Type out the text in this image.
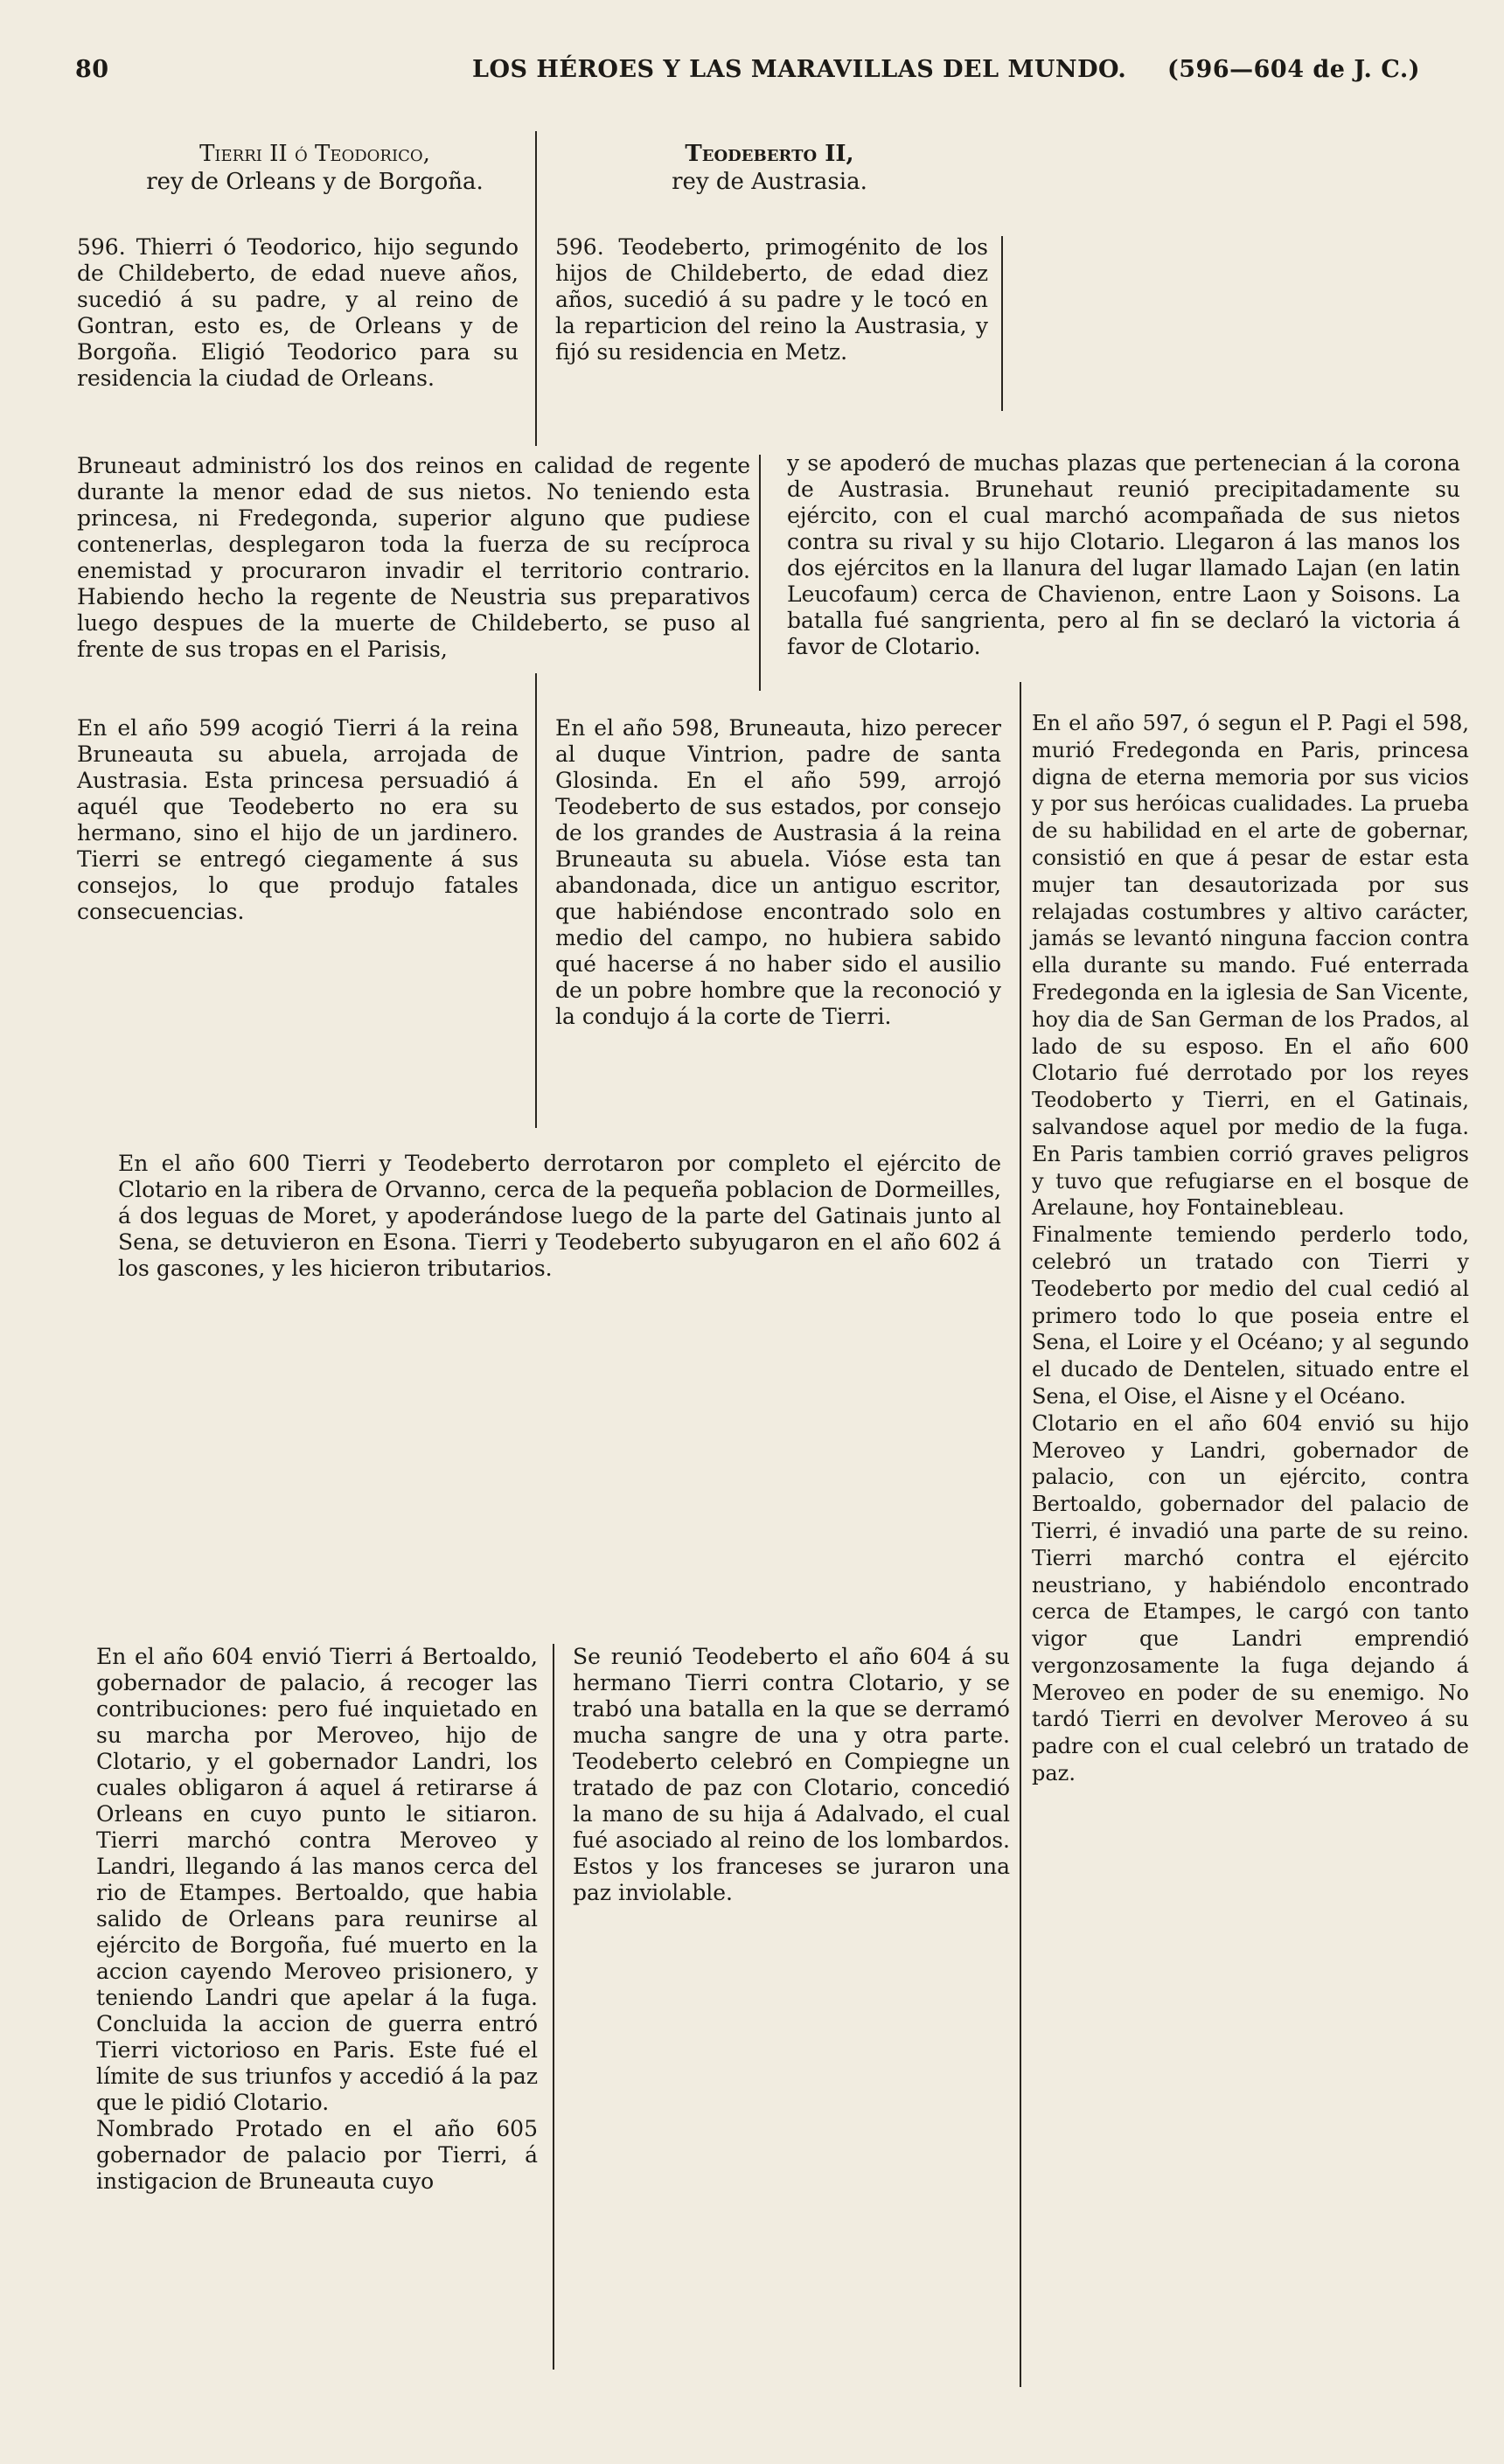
80	LOS HÉROES Y LAS MARAVILLAS DEL MUNDO. (596—604 de J. C.)
Tierri II ó Teodorico,
rey de Orleans y de Borgoña.
Teodeberto II,
rey de Austrasia.
596. Thierri ó Teodorico, hijo segundo de Childeberto, de edad nueve años, sucedió á su padre, y al reino de Gontran, esto es, de Orleans y de Borgoña. Eligió Teodorico para su residencia la ciudad de Orleans.
596. Teodeberto, primogénito de los hijos de Childeberto, de edad diez años, sucedió á su padre y le tocó en la reparticion del reino la Austrasia, y fijó su residencia en Metz.
Bruneaut administró los dos reinos en calidad de regente durante la menor edad de sus nietos. No teniendo esta princesa, ni Fredegonda, superior alguno que pudiese contenerlas, desplegaron toda la fuerza de su recíproca enemistad y procuraron invadir el territorio contrario. Habiendo hecho la regente de Neustria sus preparativos luego despues de la muerte de Childeberto, se puso al frente de sus tropas en el Parisis,
y se apoderó de muchas plazas que pertenecian á la corona de Austrasia. Brunehaut reunió precipitadamente su ejército, con el cual marchó acompañada de sus nietos contra su rival y su hijo Clotario. Llegaron á las manos los dos ejércitos en la llanura del lugar llamado Lajan (en latin Leucofaum) cerca de Chavienon, entre Laon y Soisons. La batalla fué sangrienta, pero al fin se declaró la victoria á favor de Clotario.
En el año 599 acogió Tierri á la reina Bruneauta su abuela, arrojada de Austrasia. Esta princesa persuadió á aquél que Teodeberto no era su hermano, sino el hijo de un jardinero. Tierri se entregó ciegamente á sus consejos, lo que produjo fatales consecuencias.
En el año 598, Bruneauta, hizo perecer al duque Vintrion, padre de santa Glosinda. En el año 599, arrojó Teodeberto de sus estados, por consejo de los grandes de Austrasia á la reina Bruneauta su abuela. Vióse esta tan abandonada, dice un antiguo escritor, que habiéndose encontrado solo en medio del campo, no hubiera sabido qué hacerse á no haber sido el ausilio de un pobre hombre que la reconoció y la condujo á la corte de Tierri.
En el año 600 Tierri y Teodeberto derrotaron por completo el ejército de Clotario en la ribera de Orvanno, cerca de la pequeña poblacion de Dormeilles, á dos leguas de Moret, y apoderándose luego de la parte del Gatinais junto al Sena, se detuvieron en Esona. Tierri y Teodeberto subyugaron en el año 602 á los gascones, y les hicieron tributarios.

En el año 597, ó segun el P. Pagi el 598, murió Fredegonda en Paris, princesa digna de eterna memoria por sus vicios y por sus heróicas cualidades. La prueba de su habilidad en el arte de gobernar, consistió en que á pesar de estar esta mujer tan desautorizada por sus relajadas costumbres y altivo carácter, jamás se levantó ninguna faccion contra ella durante su mando. Fué enterrada Fredegonda en la iglesia de San Vicente, hoy dia de San German de los Prados, al lado de su esposo. En el año 600 Clotario fué derrotado por los reyes Teodoberto y Tierri, en el Gatinais, salvandose aquel por medio de la fuga. En Paris tambien corrió graves peligros y tuvo que refugiarse en el bosque de Arelaune, hoy Fontainebleau.

Finalmente temiendo perderlo todo, celebró un tratado con Tierri y Teodeberto por medio del cual cedió al primero todo lo que poseia entre el Sena, el Loire y el Océano; y al segundo el ducado de Dentelen, situado entre el Sena, el Oise, el Aisne y el Océano.

Clotario en el año 604 envió su hijo Meroveo y Landri, gobernador de palacio, con un ejército, contra Bertoaldo, gobernador del palacio de Tierri, é invadió una parte de su reino. Tierri marchó contra el ejército neustriano, y habiéndolo encontrado cerca de Etampes, le cargó con tanto vigor que Landri emprendió vergonzosamente la fuga dejando á Meroveo en poder de su enemigo. No tardó Tierri en devolver Meroveo á su padre con el cual celebró un tratado de paz.

En el año 604 envió Tierri á Bertoaldo, gobernador de palacio, á recoger las contribuciones: pero fué inquietado en su marcha por Meroveo, hijo de Clotario, y el gobernador Landri, los cuales obligaron á aquel á retirarse á Orleans en cuyo punto le sitiaron. Tierri marchó contra Meroveo y Landri, llegando á las manos cerca del rio de Etampes. Bertoaldo, que habia salido de Orleans para reunirse al ejército de Borgoña, fué muerto en la accion cayendo Meroveo prisionero, y teniendo Landri que apelar á la fuga. Concluida la accion de guerra entró Tierri victorioso en Paris. Este fué el límite de sus triunfos y accedió á la paz que le pidió Clotario.

Nombrado Protado en el año 605 gobernador de palacio por Tierri, á instigacion de Bruneauta cuyo

Se reunió Teodeberto el año 604 á su hermano Tierri contra Clotario, y se trabó una batalla en la que se derramó mucha sangre de una y otra parte. Teodeberto celebró en Compiegne un tratado de paz con Clotario, concedió la mano de su hija á Adalvado, el cual fué asociado al reino de los lombardos. Estos y los franceses se juraron una paz inviolable.
